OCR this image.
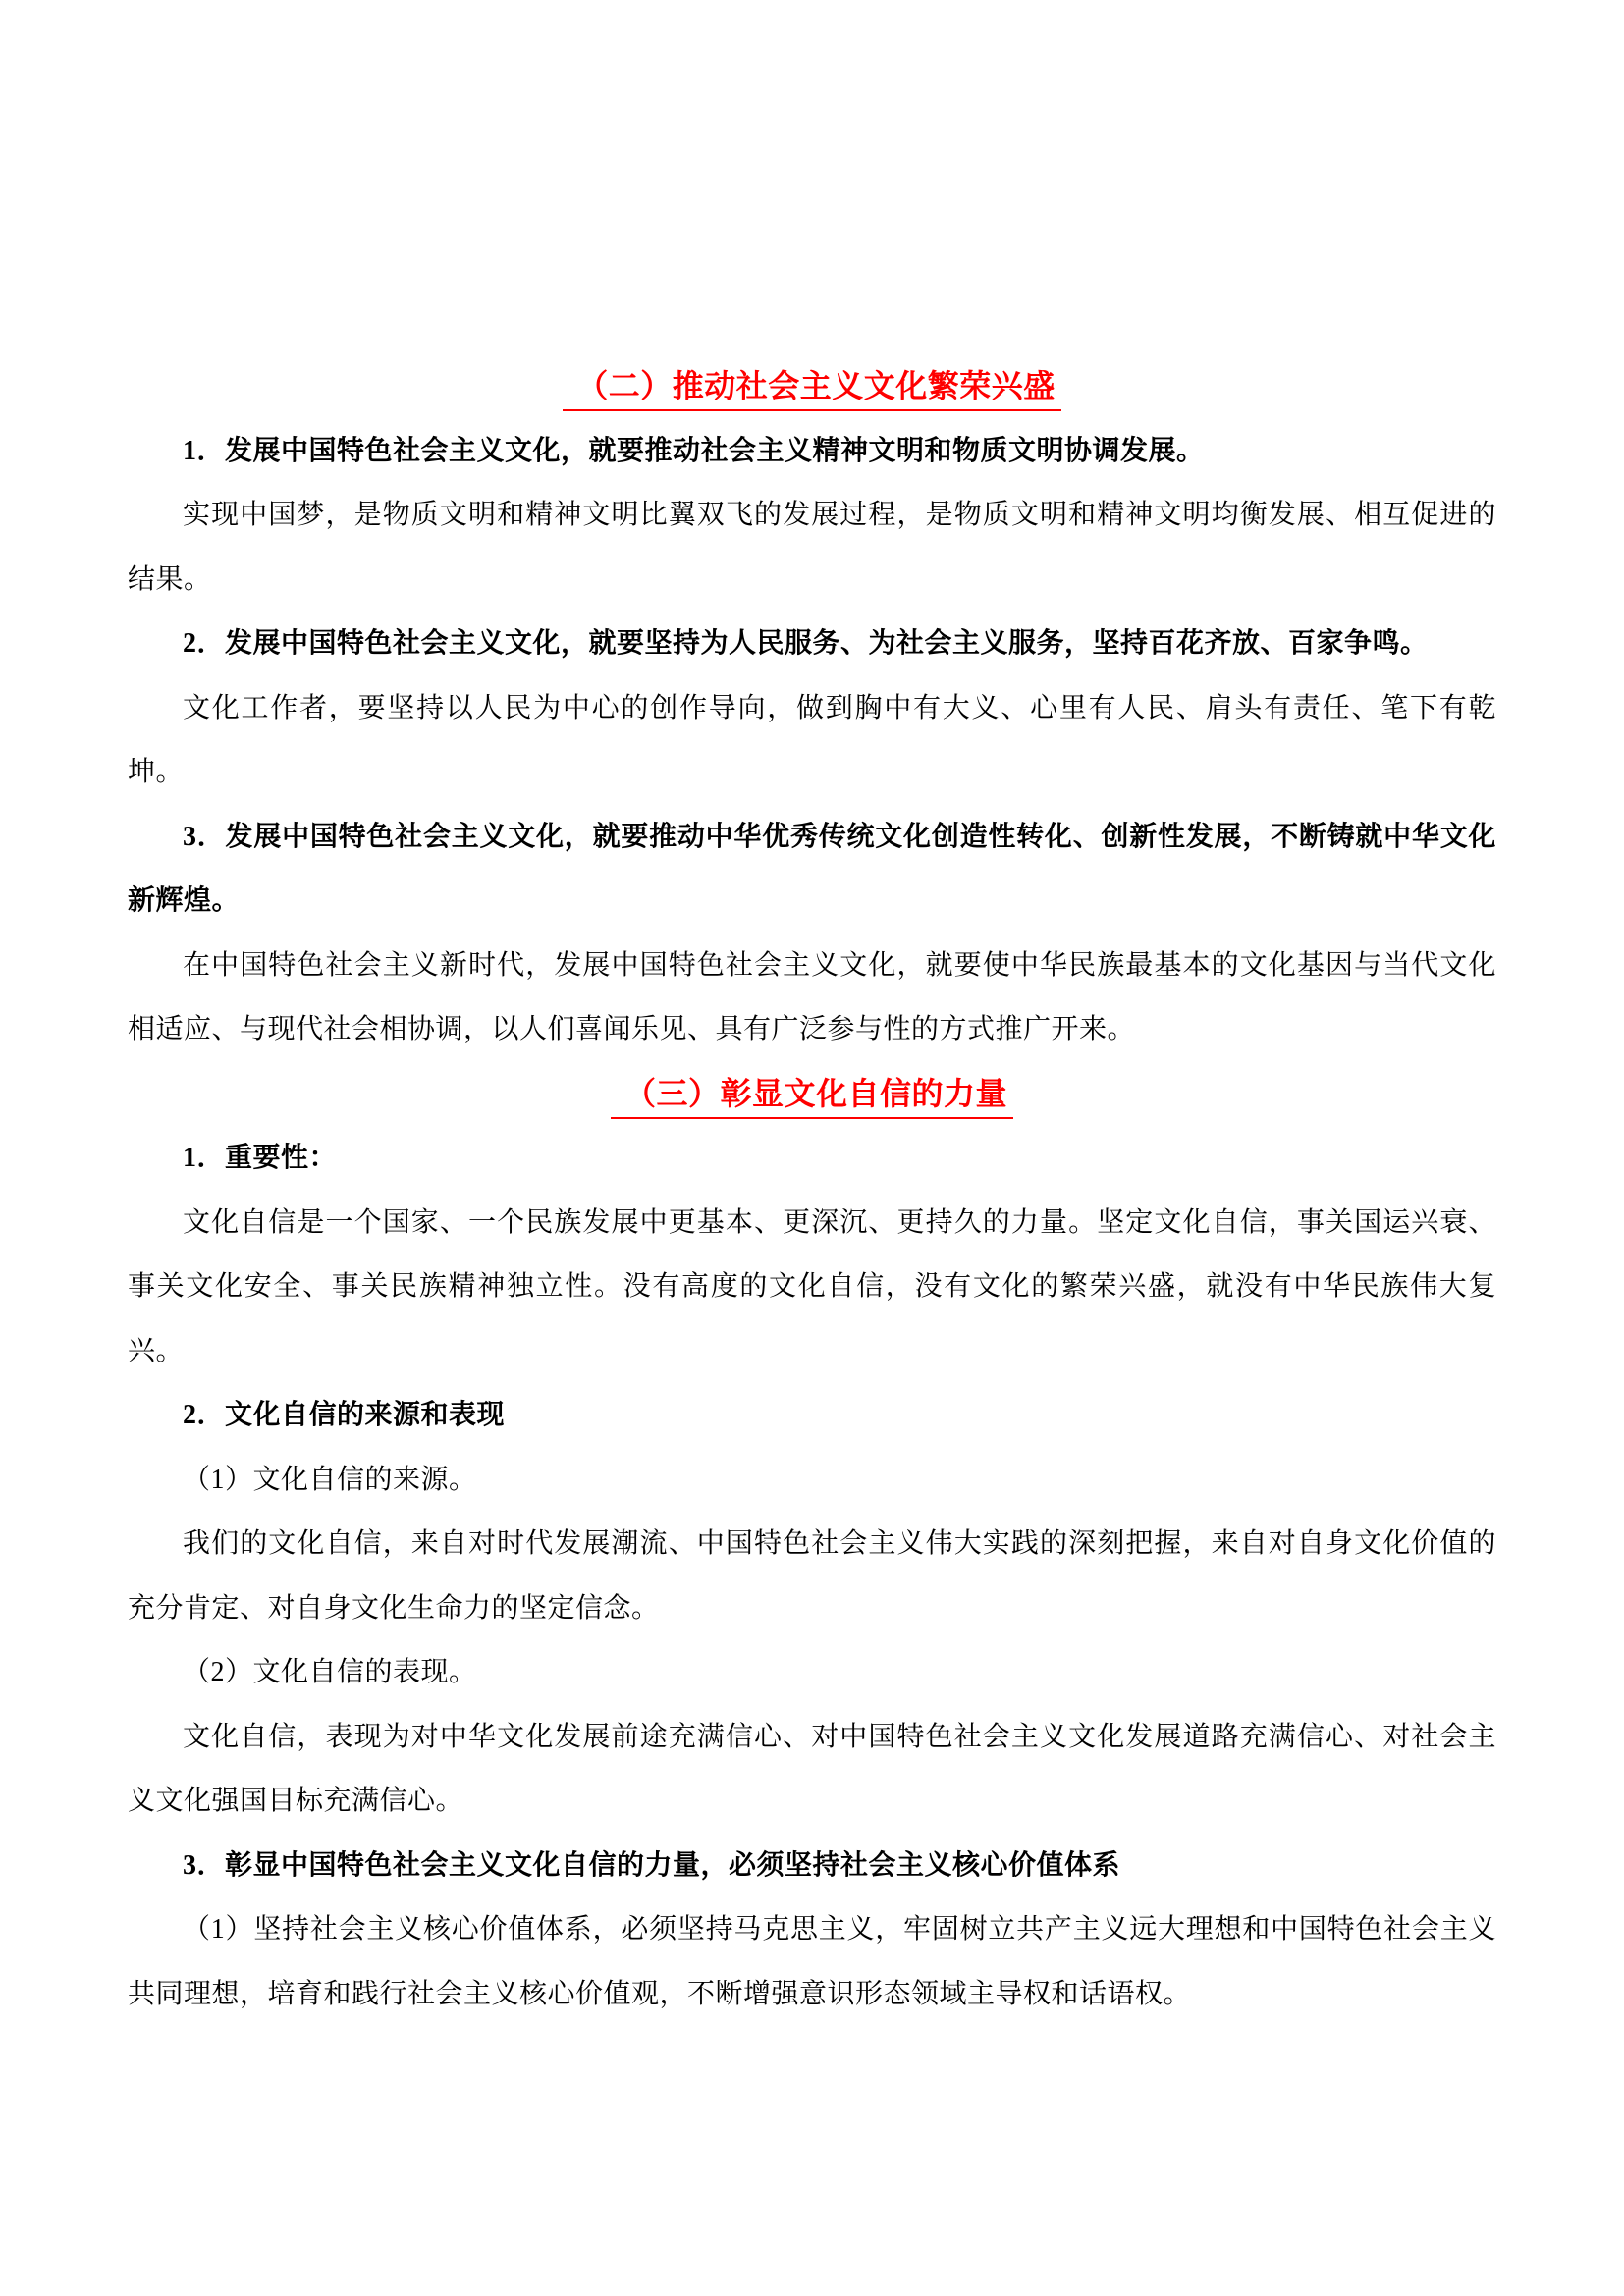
（二）推动社会主义文化繁荣兴盛

1．发展中国特色社会主义文化，就要推动社会主义精神文明和物质文明协调发展。

实现中国梦，是物质文明和精神文明比翼双飞的发展过程，是物质文明和精神文明均衡发展、相互促进的结果。

2．发展中国特色社会主义文化，就要坚持为人民服务、为社会主义服务，坚持百花齐放、百家争鸣。

文化工作者，要坚持以人民为中心的创作导向，做到胸中有大义、心里有人民、肩头有责任、笔下有乾坤。

3．发展中国特色社会主义文化，就要推动中华优秀传统文化创造性转化、创新性发展，不断铸就中华文化新辉煌。

在中国特色社会主义新时代，发展中国特色社会主义文化，就要使中华民族最基本的文化基因与当代文化相适应、与现代社会相协调，以人们喜闻乐见、具有广泛参与性的方式推广开来。

（三）彰显文化自信的力量

1．重要性：

文化自信是一个国家、一个民族发展中更基本、更深沉、更持久的力量。坚定文化自信，事关国运兴衰、事关文化安全、事关民族精神独立性。没有高度的文化自信，没有文化的繁荣兴盛，就没有中华民族伟大复兴。

2．文化自信的来源和表现

（1）文化自信的来源。

我们的文化自信，来自对时代发展潮流、中国特色社会主义伟大实践的深刻把握，来自对自身文化价值的充分肯定、对自身文化生命力的坚定信念。

（2）文化自信的表现。

文化自信，表现为对中华文化发展前途充满信心、对中国特色社会主义文化发展道路充满信心、对社会主义文化强国目标充满信心。

3．彰显中国特色社会主义文化自信的力量，必须坚持社会主义核心价值体系

（1）坚持社会主义核心价值体系，必须坚持马克思主义，牢固树立共产主义远大理想和中国特色社会主义共同理想，培育和践行社会主义核心价值观，不断增强意识形态领域主导权和话语权。
